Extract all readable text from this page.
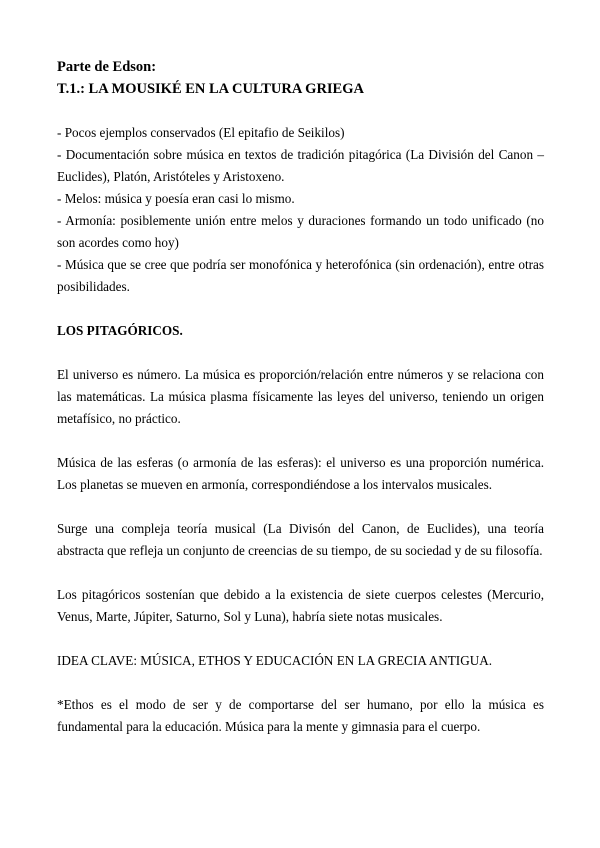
Parte de Edson:
T.1.: LA MOUSIKÉ EN LA CULTURA GRIEGA
- Pocos ejemplos conservados (El epitafio de Seikilos)
- Documentación sobre música en textos de tradición pitagórica (La División del Canon – Euclides), Platón, Aristóteles y Aristoxeno.
- Melos: música y poesía eran casi lo mismo.
- Armonía: posiblemente unión entre melos y duraciones formando un todo unificado (no son acordes como hoy)
- Música que se cree que podría ser monofónica y heterofónica (sin ordenación), entre otras posibilidades.
LOS PITAGÓRICOS.

El universo es número. La música es proporción/relación entre números y se relaciona con las matemáticas. La música plasma físicamente las leyes del universo, teniendo un origen metafísico, no práctico.

Música de las esferas (o armonía de las esferas): el universo es una proporción numérica. Los planetas se mueven en armonía, correspondiéndose a los intervalos musicales.

Surge una compleja teoría musical (La Divisón del Canon, de Euclides), una teoría abstracta que refleja un conjunto de creencias de su tiempo, de su sociedad y de su filosofía.

Los pitagóricos sostenían que debido a la existencia de siete cuerpos celestes (Mercurio, Venus, Marte, Júpiter, Saturno, Sol y Luna), habría siete notas musicales.

IDEA CLAVE: MÚSICA, ETHOS Y EDUCACIÓN EN LA GRECIA ANTIGUA.

*Ethos es el modo de ser y de comportarse del ser humano, por ello la música es fundamental para la educación. Música para la mente y gimnasia para el cuerpo.
